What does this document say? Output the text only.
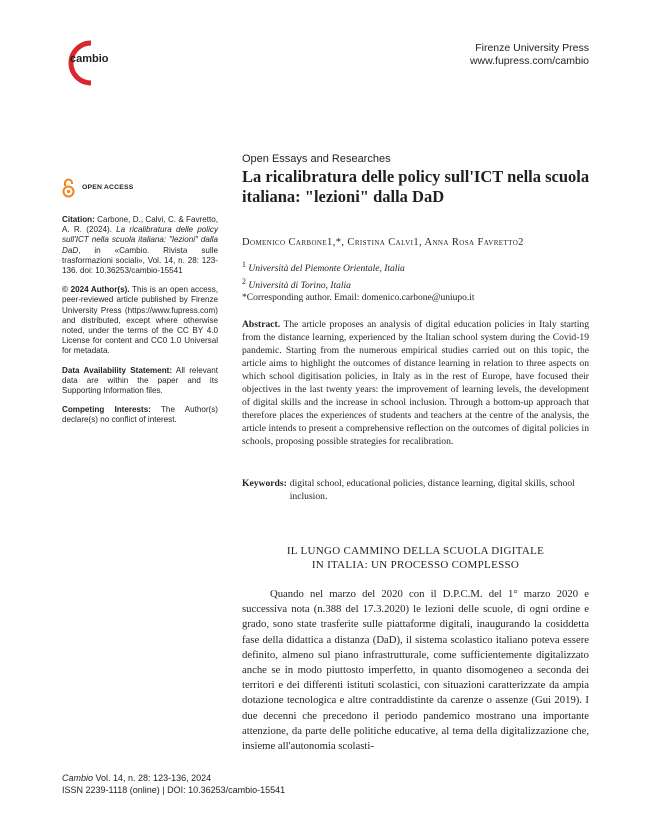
cambio
Firenze University Press
www.fupress.com/cambio
OPEN ACCESS
Citation: Carbone, D., Calvi, C. & Favretto, A. R. (2024). La ricalibratura delle policy sull'ICT nella scuola italiana: "lezioni" dalla DaD, in «Cambio. Rivista sulle trasformazioni sociali», Vol. 14, n. 28: 123-136. doi: 10.36253/cambio-15541
© 2024 Author(s). This is an open access, peer-reviewed article published by Firenze University Press (https://www.fupress.com) and distributed, except where otherwise noted, under the terms of the CC BY 4.0 License for content and CC0 1.0 Universal for metadata.
Data Availability Statement: All relevant data are within the paper and its Supporting Information files.
Competing Interests: The Author(s) declare(s) no conflict of interest.
Open Essays and Researches
La ricalibratura delle policy sull'ICT nella scuola italiana: "lezioni" dalla DaD
Domenico Carbone1,*, Cristina Calvi1, Anna Rosa Favretto2
$^1$ Università del Piemonte Orientale, Italia
$^2$ Università di Torino, Italia
*Corresponding author. Email: domenico.carbone@uniupo.it
Abstract. The article proposes an analysis of digital education policies in Italy starting from the distance learning, experienced by the Italian school system during the Covid-19 pandemic. Starting from the numerous empirical studies carried out on this topic, the article aims to highlight the outcomes of distance learning in relation to three aspects on which school digitisation policies, in Italy as in the rest of Europe, have focused their objectives in the last twenty years: the improvement of learning levels, the development of digital skills and the increase in school inclusion. Through a bottom-up approach that therefore places the experiences of students and teachers at the centre of the analysis, the article intends to present a comprehensive reflection on the outcomes of digital policies in schools, proposing possible strategies for recalibration.
Keywords: digital school, educational policies, distance learning, digital skills, school inclusion.
IL LUNGO CAMMINO DELLA SCUOLA DIGITALE
IN ITALIA: UN PROCESSO COMPLESSO
Quando nel marzo del 2020 con il D.P.C.M. del 1° marzo 2020 e successiva nota (n.388 del 17.3.2020) le lezioni delle scuole, di ogni ordine e grado, sono state trasferite sulle piattaforme digitali, inaugurando la cosiddetta fase della didattica a distanza (DaD), il sistema scolastico italiano poteva essere definito, almeno sul piano infrastrutturale, come sufficientemente digitalizzato anche se in modo piuttosto imperfetto, in quanto disomogeneo a seconda dei territori e dei differenti istituti scolastici, con situazioni caratterizzate da ampia dotazione tecnologica e altre contraddistinte da carenze o assenze (Gui 2019). I due decenni che precedono il periodo pandemico mostrano una importante attenzione, da parte delle politiche educative, al tema della digitalizzazione che, insieme all'autonomia scolasti-
Cambio Vol. 14, n. 28: 123-136, 2024
ISSN 2239-1118 (online) | DOI: 10.36253/cambio-15541
